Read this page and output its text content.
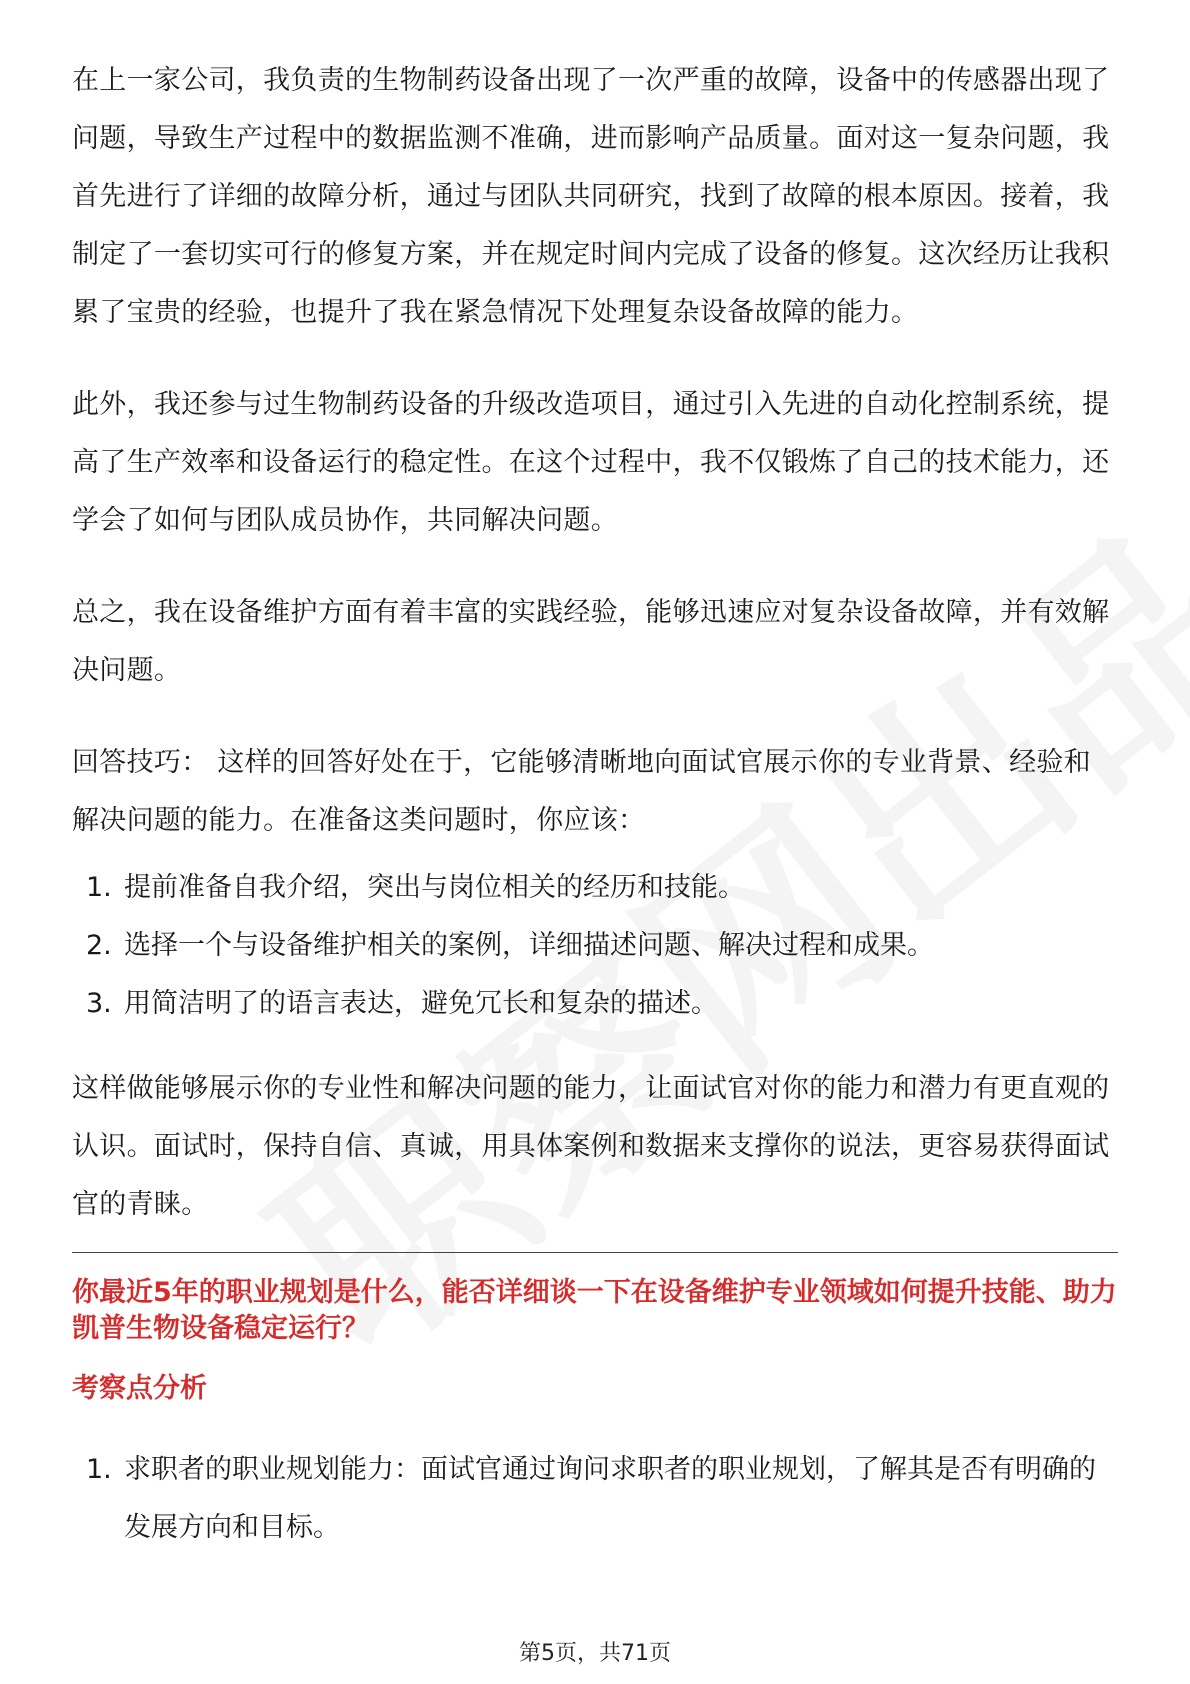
在上一家公司，我负责的生物制药设备出现了一次严重的故障，设备中的传感器出现了问题，导致生产过程中的数据监测不准确，进而影响产品质量。面对这一复杂问题，我首先进行了详细的故障分析，通过与团队共同研究，找到了故障的根本原因。接着，我制定了一套切实可行的修复方案，并在规定时间内完成了设备的修复。这次经历让我积累了宝贵的经验，也提升了我在紧急情况下处理复杂设备故障的能力。

此外，我还参与过生物制药设备的升级改造项目，通过引入先进的自动化控制系统，提高了生产效率和设备运行的稳定性。在这个过程中，我不仅锻炼了自己的技术能力，还学会了如何与团队成员协作，共同解决问题。

总之，我在设备维护方面有着丰富的实践经验，能够迅速应对复杂设备故障，并有效解决问题。

回答技巧： 这样的回答好处在于，它能够清晰地向面试官展示你的专业背景、经验和解决问题的能力。在准备这类问题时，你应该：

1. 提前准备自我介绍，突出与岗位相关的经历和技能。
2. 选择一个与设备维护相关的案例，详细描述问题、解决过程和成果。
3. 用简洁明了的语言表达，避免冗长和复杂的描述。

这样做能够展示你的专业性和解决问题的能力，让面试官对你的能力和潜力有更直观的认识。面试时，保持自信、真诚，用具体案例和数据来支撑你的说法，更容易获得面试官的青睐。

你最近5年的职业规划是什么，能否详细谈一下在设备维护专业领域如何提升技能、助力凯普生物设备稳定运行？

考察点分析

1. 求职者的职业规划能力：面试官通过询问求职者的职业规划，了解其是否有明确的发展方向和目标。
第5页，共71页
